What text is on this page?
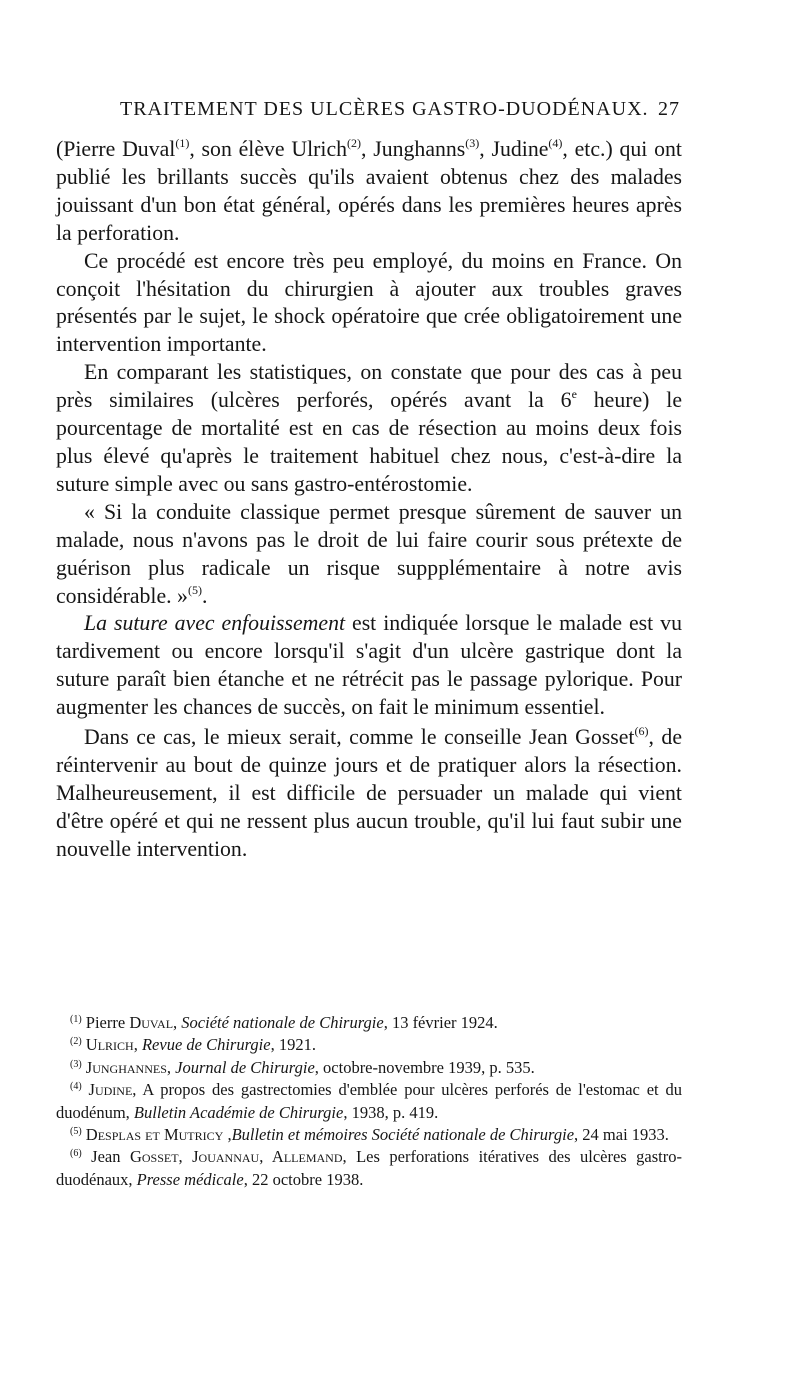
TRAITEMENT DES ULCÈRES GASTRO-DUODÉNAUX. 27

(Pierre Duval$^{(1)}$, son élève Ulrich$^{(2)}$, Junghanns$^{(3)}$, Judine$^{(4)}$, etc.) qui ont publié les brillants succès qu'ils avaient obtenus chez des malades jouissant d'un bon état général, opérés dans les premières heures après la perforation.

Ce procédé est encore très peu employé, du moins en France. On conçoit l'hésitation du chirurgien à ajouter aux troubles graves présentés par le sujet, le shock opératoire que crée obligatoirement une intervention importante.

En comparant les statistiques, on constate que pour des cas à peu près similaires (ulcères perforés, opérés avant la 6e heure) le pourcentage de mortalité est en cas de résection au moins deux fois plus élevé qu'après le traitement habituel chez nous, c'est-à-dire la suture simple avec ou sans gastro-entérostomie.

« Si la conduite classique permet presque sûrement de sauver un malade, nous n'avons pas le droit de lui faire courir sous prétexte de guérison plus radicale un risque suppplémentaire à notre avis considérable. »$^{(5)}$.

La suture avec enfouissement est indiquée lorsque le malade est vu tardivement ou encore lorsqu'il s'agit d'un ulcère gastrique dont la suture paraît bien étanche et ne rétrécit pas le passage pylorique. Pour augmenter les chances de succès, on fait le minimum essentiel.

Dans ce cas, le mieux serait, comme le conseille Jean Gosset$^{(6)}$, de réintervenir au bout de quinze jours et de pratiquer alors la résection. Malheureusement, il est difficile de persuader un malade qui vient d'être opéré et qui ne ressent plus aucun trouble, qu'il lui faut subir une nouvelle intervention.

$^{(1)}$ Pierre Duval, Société nationale de Chirurgie, 13 février 1924.

$^{(2)}$ Ulrich, Revue de Chirurgie, 1921.

$^{(3)}$ Junghannes, Journal de Chirurgie, octobre-novembre 1939, p. 535.

$^{(4)}$ Judine, A propos des gastrectomies d'emblée pour ulcères perforés de l'estomac et du duodénum, Bulletin Académie de Chirurgie, 1938, p. 419.

$^{(5)}$ Desplas et Mutricy ,Bulletin et mémoires Société nationale de Chirurgie, 24 mai 1933.

$^{(6)}$ Jean Gosset, Jouannau, Allemand, Les perforations itératives des ulcères gastro-duodénaux, Presse médicale, 22 octobre 1938.
